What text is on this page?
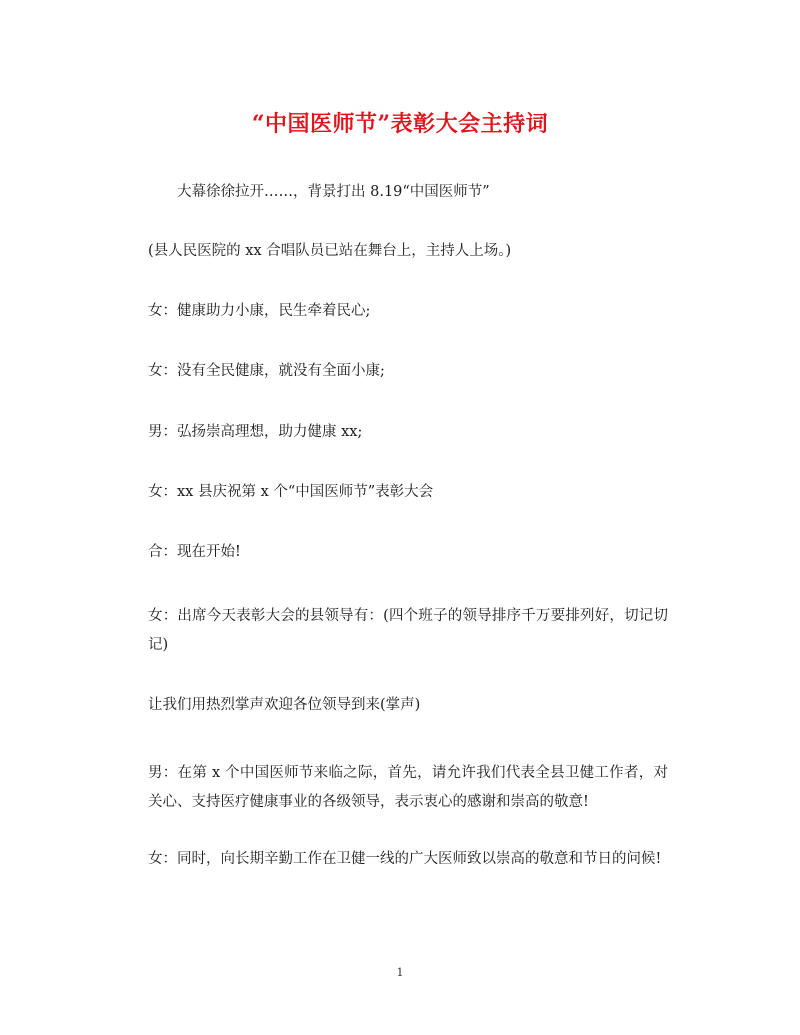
“中国医师节”表彰大会主持词
大幕徐徐拉开……，背景打出 8.19“中国医师节”
(县人民医院的 xx 合唱队员已站在舞台上，主持人上场。)
女：健康助力小康，民生牵着民心;
女：没有全民健康，就没有全面小康;
男：弘扬崇高理想，助力健康 xx;
女：xx 县庆祝第 x 个“中国医师节”表彰大会
合：现在开始!
女：出席今天表彰大会的县领导有：(四个班子的领导排序千万要排列好，切记切记)
让我们用热烈掌声欢迎各位领导到来(掌声)
男：在第 x 个中国医师节来临之际，首先，请允许我们代表全县卫健工作者，对关心、支持医疗健康事业的各级领导，表示衷心的感谢和崇高的敬意!
女：同时，向长期辛勤工作在卫健一线的广大医师致以崇高的敬意和节日的问候!
1
